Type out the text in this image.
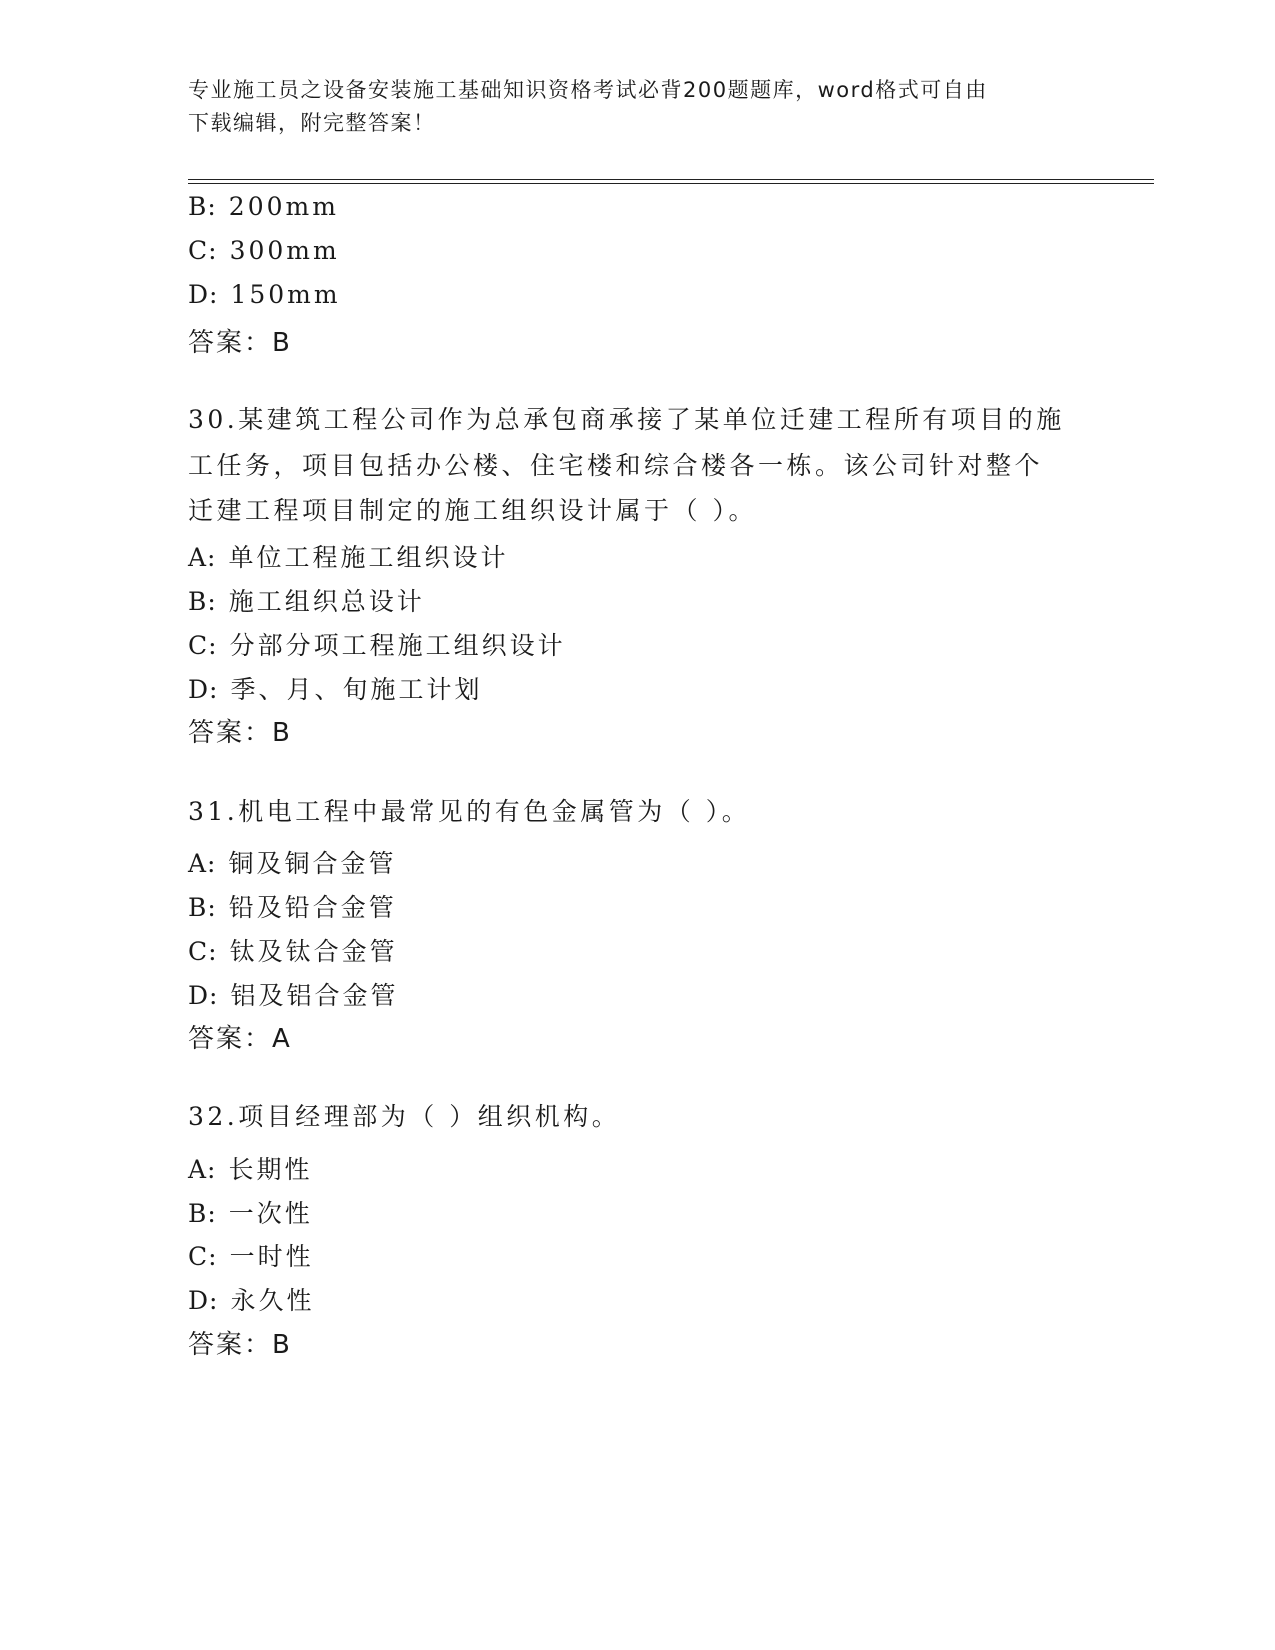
专业施工员之设备安装施工基础知识资格考试必背200题题库，word格式可自由
下载编辑，附完整答案！
B: 200mm
C: 300mm
D: 150mm
答案：B
30.某建筑工程公司作为总承包商承接了某单位迁建工程所有项目的施
工任务，项目包括办公楼、住宅楼和综合楼各一栋。该公司针对整个
迁建工程项目制定的施工组织设计属于（ ）。
A: 单位工程施工组织设计
B: 施工组织总设计
C: 分部分项工程施工组织设计
D: 季、月、旬施工计划
答案：B
31.机电工程中最常见的有色金属管为（ ）。
A: 铜及铜合金管
B: 铅及铅合金管
C: 钛及钛合金管
D: 铝及铝合金管
答案：A
32.项目经理部为（ ）组织机构。
A: 长期性
B: 一次性
C: 一时性
D: 永久性
答案：B
